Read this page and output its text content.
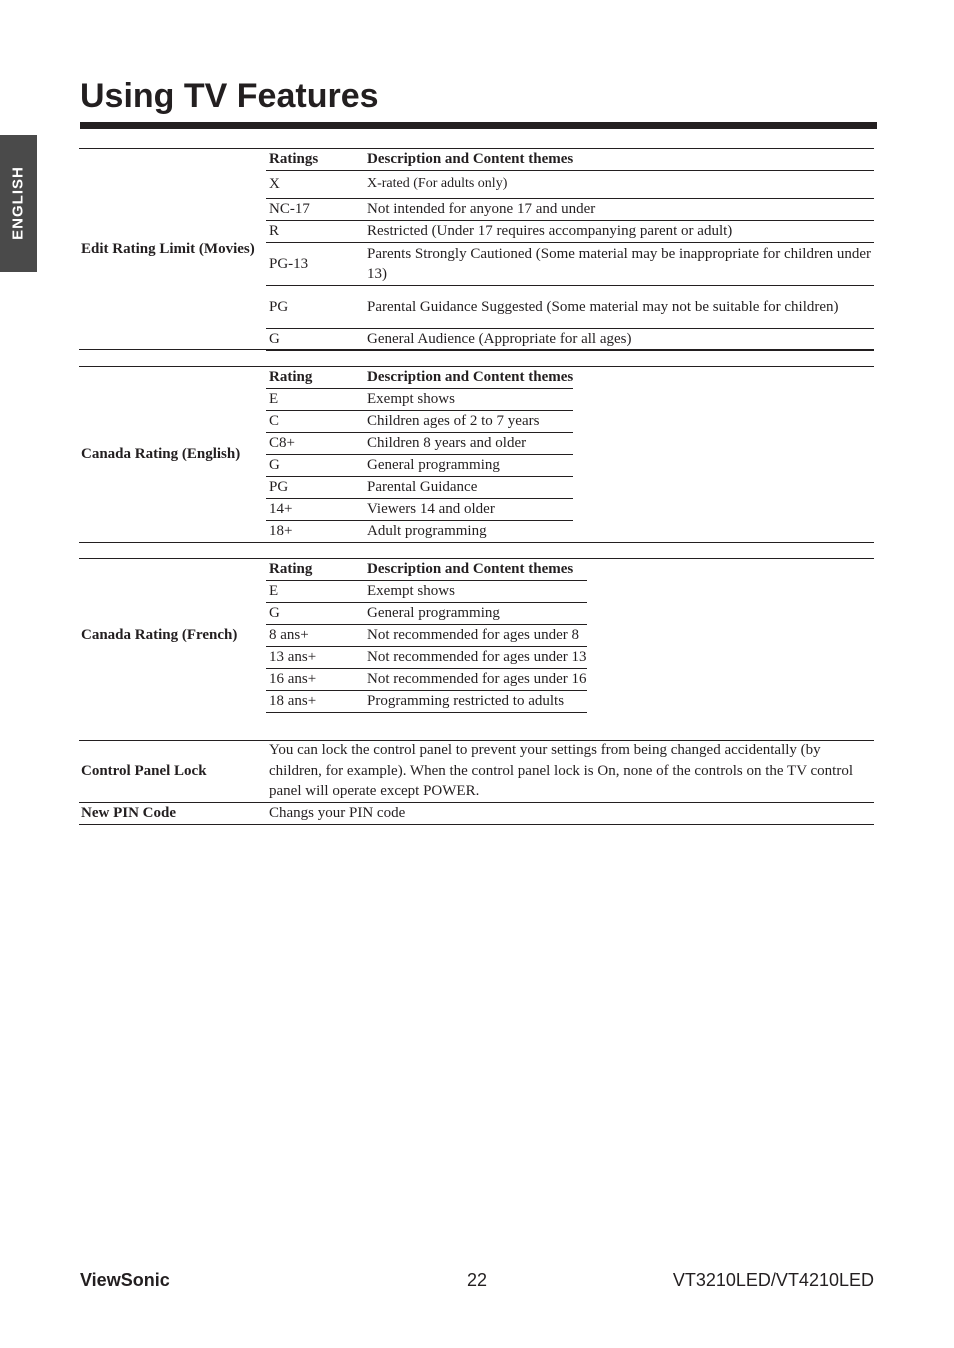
ENGLISH
Using TV Features
Edit Rating Limit (Movies)
Ratings	Description and Content themes
X	X-rated (For adults only)
NC-17	Not intended for anyone 17 and under
R	Restricted (Under 17 requires accompanying parent or adult)
PG-13	Parents Strongly Cautioned (Some material may be inappropriate for children under 13)
PG	Parental Guidance Suggested (Some material may not be suitable for children)
G	General Audience (Appropriate for all ages)
Canada Rating (English)
Rating	Description and Content themes
E	Exempt shows
C	Children ages of 2 to 7 years
C8+	Children 8 years and older
G	General programming
PG	Parental Guidance
14+	Viewers 14 and older
18+	Adult programming
Canada Rating (French)
Rating	Description and Content themes
E	Exempt shows
G	General programming
8 ans+	Not recommended for ages under 8
13 ans+	Not recommended for ages under 13
16 ans+	Not recommended for ages under 16
18 ans+	Programming restricted to adults
Control Panel Lock
You can lock the control panel to prevent your settings from being changed accidentally (by children, for example). When the control panel lock is On, none of the controls on the TV control panel will operate except POWER.
New PIN Code	Changs your PIN code
ViewSonic	22	VT3210LED/VT4210LED
